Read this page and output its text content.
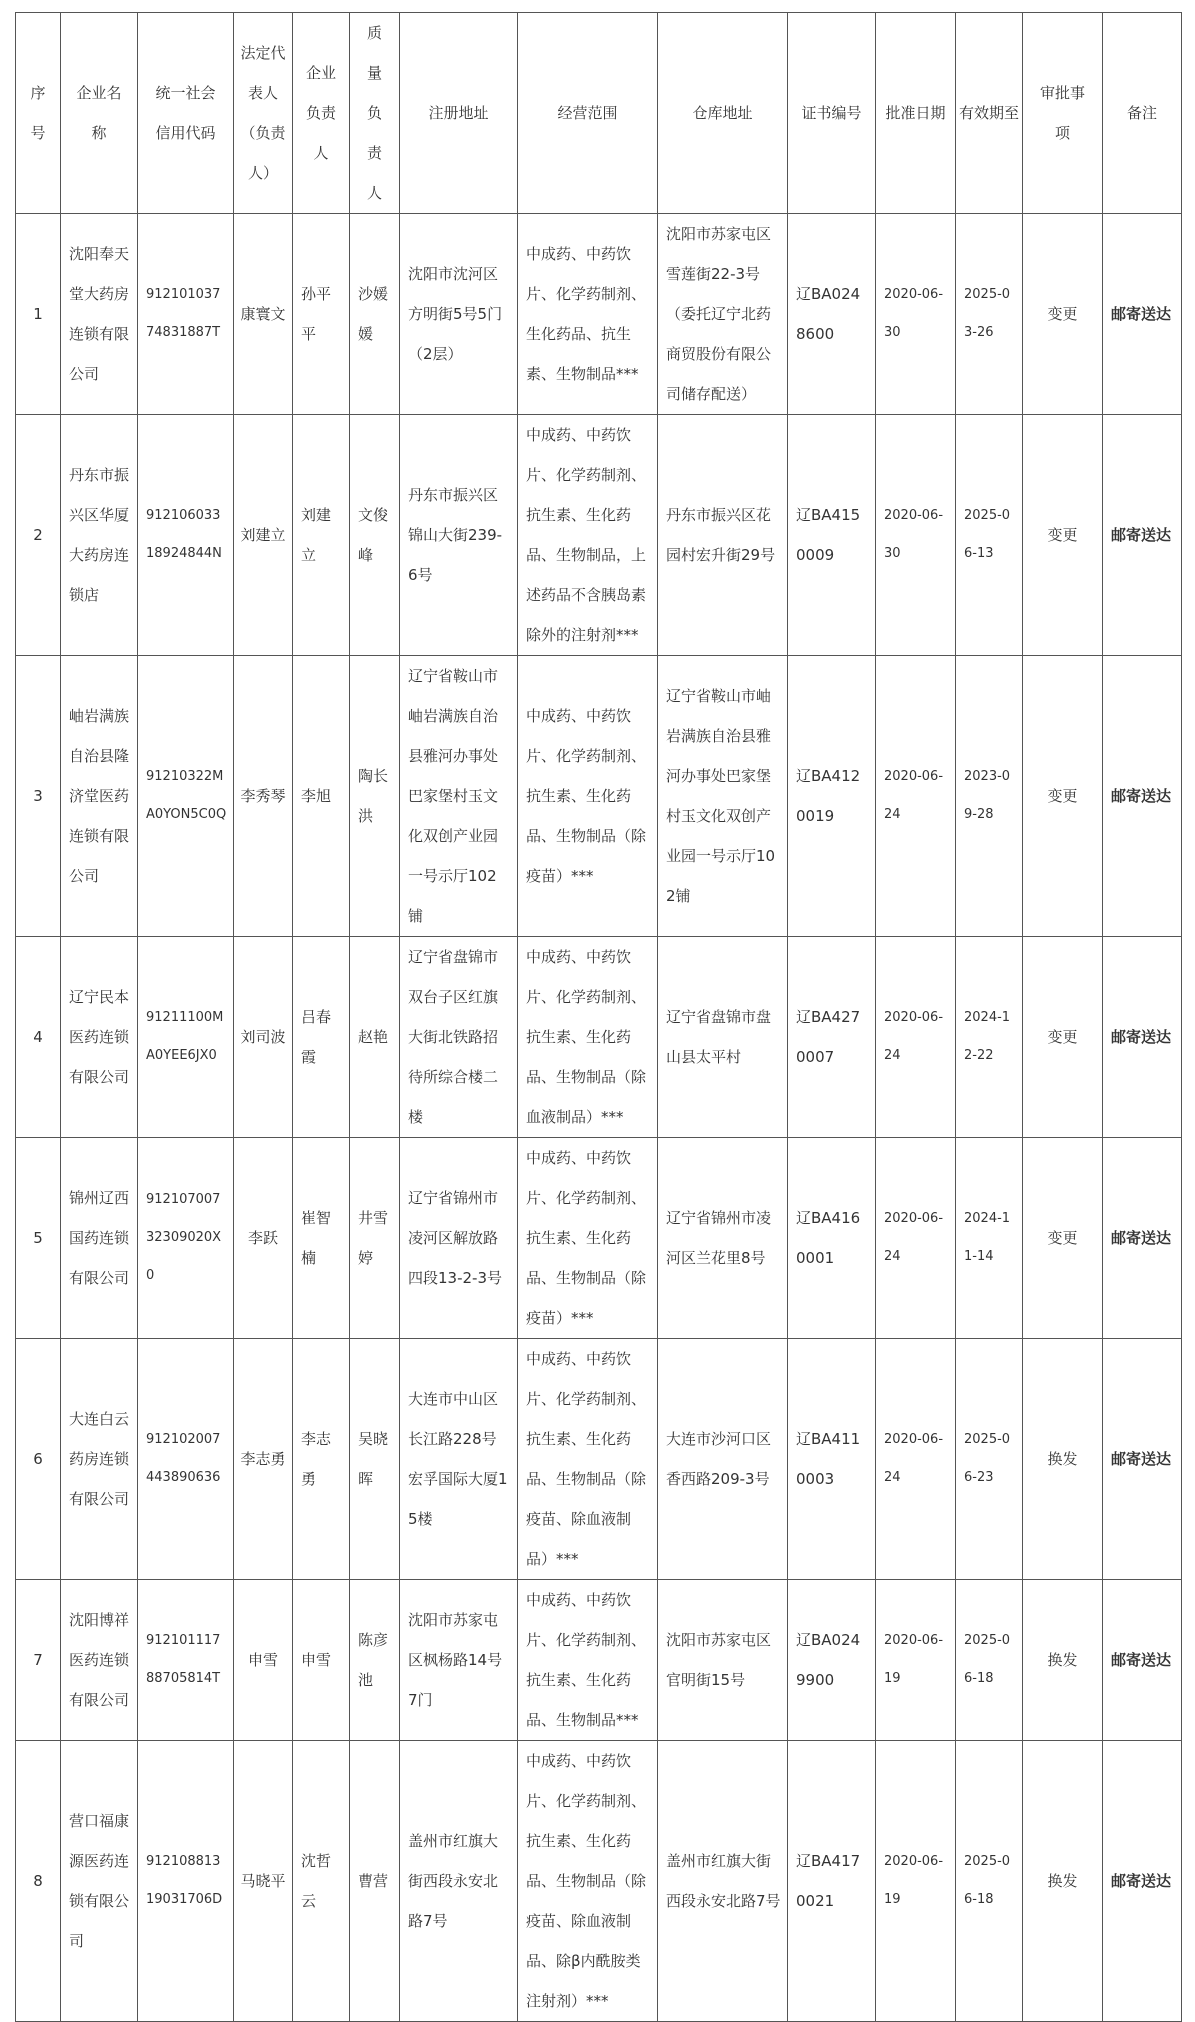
序号	企业名称	统一社会信用代码	法定代表人（负责人）	企业负责人	质量负责人	注册地址	经营范围	仓库地址	证书编号	批准日期	有效期至	审批事项	备注
1	沈阳奉天堂大药房连锁有限公司	91210103774831887T	康寰文	孙平平	沙媛媛	沈阳市沈河区方明街5号5门（2层）	中成药、中药饮片、化学药制剂、生化药品、抗生素、生物制品***	沈阳市苏家屯区雪莲街22-3号（委托辽宁北药商贸股份有限公司储存配送）	辽BA0248600	2020-06-30	2025-03-26	变更	邮寄送达
2	丹东市振兴区华厦大药房连锁店	91210603318924844N	刘建立	刘建立	文俊峰	丹东市振兴区锦山大街239-6号	中成药、中药饮片、化学药制剂、抗生素、生化药品、生物制品，上述药品不含胰岛素除外的注射剂***	丹东市振兴区花园村宏升街29号	辽BA4150009	2020-06-30	2025-06-13	变更	邮寄送达
3	岫岩满族自治县隆济堂医药连锁有限公司	91210322MA0YON5C0Q	李秀琴	李旭	陶长洪	辽宁省鞍山市岫岩满族自治县雅河办事处巴家堡村玉文化双创产业园一号示厅102铺	中成药、中药饮片、化学药制剂、抗生素、生化药品、生物制品（除疫苗）***	辽宁省鞍山市岫岩满族自治县雅河办事处巴家堡村玉文化双创产业园一号示厅102铺	辽BA4120019	2020-06-24	2023-09-28	变更	邮寄送达
4	辽宁民本医药连锁有限公司	91211100MA0YEE6JX0	刘司波	吕春霞	赵艳	辽宁省盘锦市双台子区红旗大街北铁路招待所综合楼二楼	中成药、中药饮片、化学药制剂、抗生素、生化药品、生物制品（除血液制品）***	辽宁省盘锦市盘山县太平村	辽BA4270007	2020-06-24	2024-12-22	变更	邮寄送达
5	锦州辽西国药连锁有限公司	91210700732309020X0	李跃	崔智楠	井雪婷	辽宁省锦州市凌河区解放路四段13-2-3号	中成药、中药饮片、化学药制剂、抗生素、生化药品、生物制品（除疫苗）***	辽宁省锦州市凌河区兰花里8号	辽BA4160001	2020-06-24	2024-11-14	变更	邮寄送达
6	大连白云药房连锁有限公司	912102007443890636	李志勇	李志勇	吴晓晖	大连市中山区长江路228号宏孚国际大厦15楼	中成药、中药饮片、化学药制剂、抗生素、生化药品、生物制品（除疫苗、除血液制品）***	大连市沙河口区香西路209-3号	辽BA4110003	2020-06-24	2025-06-23	换发	邮寄送达
7	沈阳博祥医药连锁有限公司	91210111788705814T	申雪	申雪	陈彦池	沈阳市苏家屯区枫杨路14号7门	中成药、中药饮片、化学药制剂、抗生素、生化药品、生物制品***	沈阳市苏家屯区官明街15号	辽BA0249900	2020-06-19	2025-06-18	换发	邮寄送达
8	营口福康源医药连锁有限公司	91210881319031706D	马晓平	沈哲云	曹营	盖州市红旗大街西段永安北路7号	中成药、中药饮片、化学药制剂、抗生素、生化药品、生物制品（除疫苗、除血液制品、除β内酰胺类注射剂）***	盖州市红旗大街西段永安北路7号	辽BA4170021	2020-06-19	2025-06-18	换发	邮寄送达
